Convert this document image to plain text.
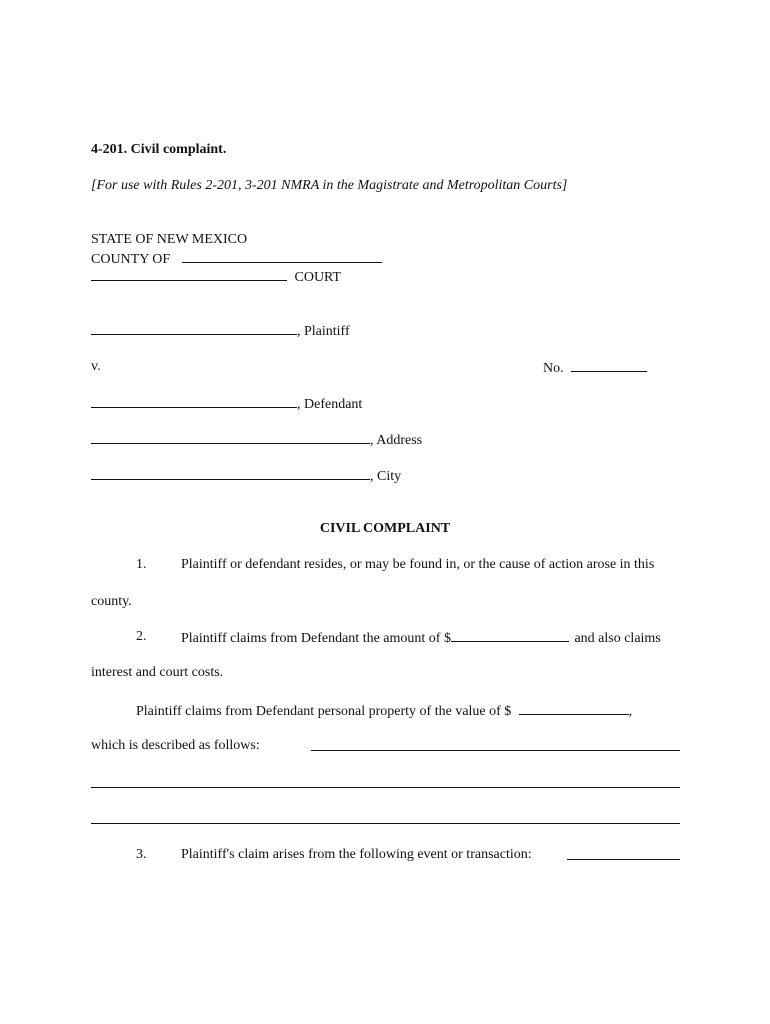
4-201. Civil complaint.
[For use with Rules 2-201, 3-201 NMRA in the Magistrate and Metropolitan Courts]
STATE OF NEW MEXICO
COUNTY OF
COURT
, Plaintiff
v.	No.
, Defendant
, Address
, City
CIVIL COMPLAINT
1. Plaintiff or defendant resides, or may be found in, or the cause of action arose in this
county.
2. Plaintiff claims from Defendant the amount of $	and also claims
interest and court costs.
Plaintiff claims from Defendant personal property of the value of $	,
which is described as follows:
3. Plaintiff's claim arises from the following event or transaction:
